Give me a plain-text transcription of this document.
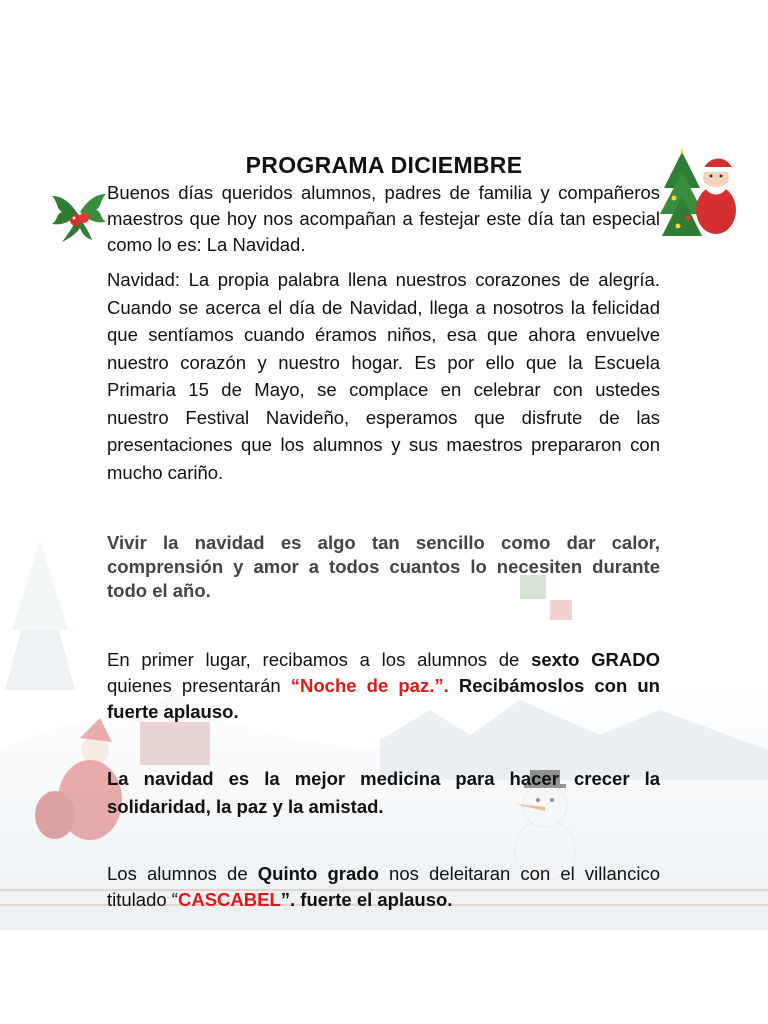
PROGRAMA DICIEMBRE

Buenos días queridos alumnos, padres de familia y compañeros maestros que hoy nos acompañan a festejar este día tan especial como lo es: La Navidad.

Navidad: La propia palabra llena nuestros corazones de alegría. Cuando se acerca el día de Navidad, llega a nosotros la felicidad que sentíamos cuando éramos niños, esa que ahora envuelve nuestro corazón y nuestro hogar. Es por ello que la Escuela Primaria 15 de Mayo, se complace en celebrar con ustedes nuestro Festival Navideño, esperamos que disfrute de las presentaciones que los alumnos y sus maestros prepararon con mucho cariño.

Vivir la navidad es algo tan sencillo como dar calor, comprensión y amor a todos cuantos lo necesiten durante todo el año.

En primer lugar, recibamos a los alumnos de sexto GRADO quienes presentarán “Noche de paz.”. Recibámoslos con un fuerte aplauso.

La navidad es la mejor medicina para hacer crecer la solidaridad, la paz y la amistad.

Los alumnos de Quinto grado nos deleitaran con el villancico titulado “CASCABEL”. fuerte el aplauso.
